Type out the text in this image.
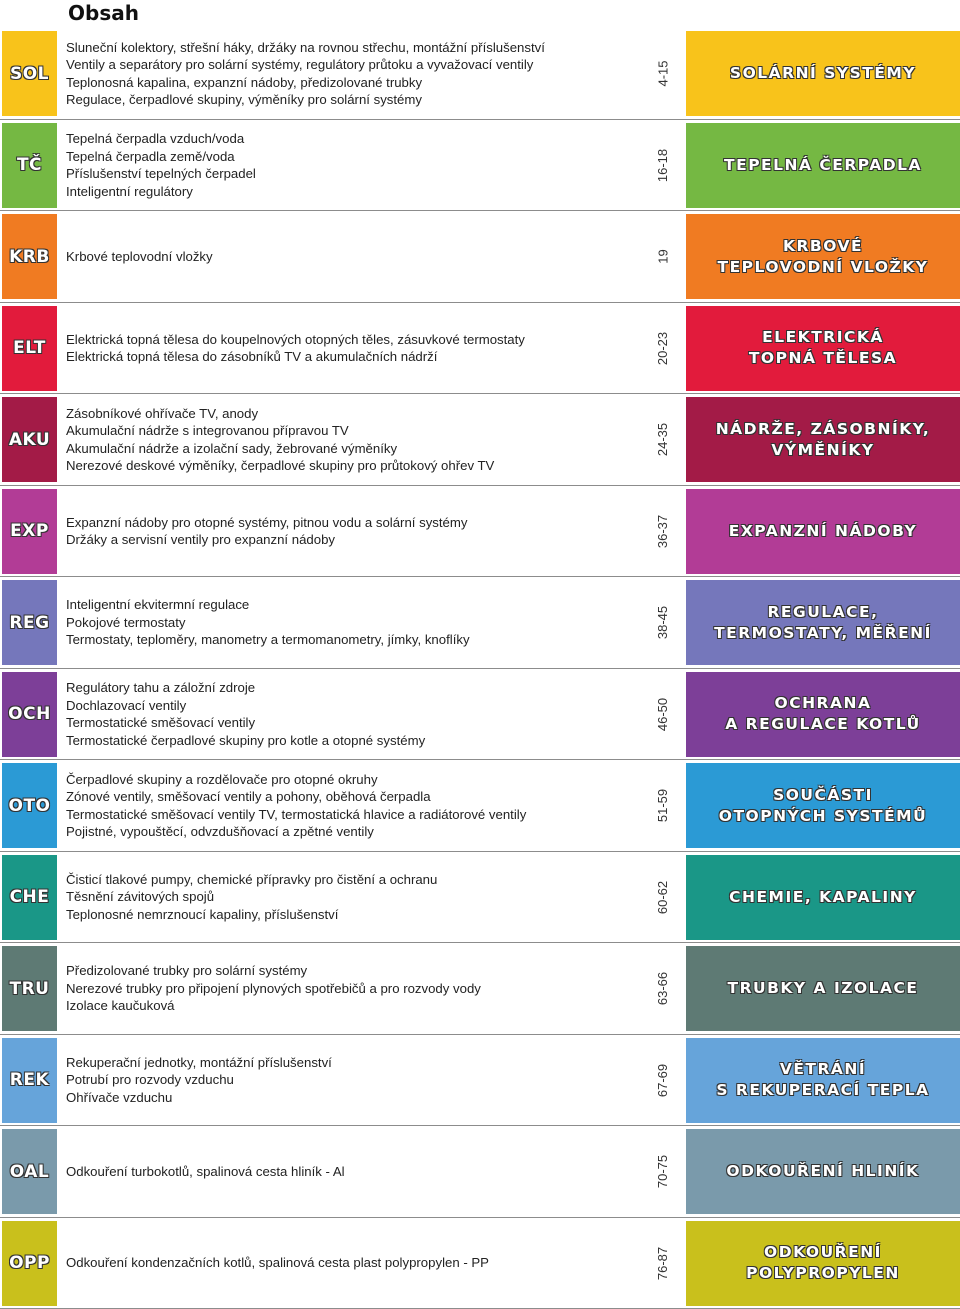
Obsah
SOL
Sluneční kolektory, střešní háky, držáky na rovnou střechu, montážní příslušenství
Ventily a separátory pro solární systémy, regulátory průtoku a vyvažovací ventily
Teplonosná kapalina, expanzní nádoby, předizolované trubky
Regulace, čerpadlové skupiny, výměníky pro solární systémy
4-15	SOLÁRNÍ SYSTÉMY
TČ
Tepelná čerpadla vzduch/voda
Tepelná čerpadla země/voda
Příslušenství tepelných čerpadel
Inteligentní regulátory
16-18	TEPELNÁ ČERPADLA
KRB	Krbové teplovodní vložky	19
KRBOVÉ
TEPLOVODNÍ VLOŽKY
ELT	Elektrická topná tělesa do koupelnových otopných těles, zásuvkové termostaty
Elektrická topná tělesa do zásobníků TV a akumulačních nádrží	20-23	ELEKTRICKÁ
TOPNÁ TĚLESA
AKU
Zásobníkové ohřívače TV, anody
Akumulační nádrže s integrovanou přípravou TV
Akumulační nádrže a izolační sady, žebrované výměníky
Nerezové deskové výměníky, čerpadlové skupiny pro průtokový ohřev TV
24-35	NÁDRŽE, ZÁSOBNÍKY,
VÝMĚNÍKY
EXP	Expanzní nádoby pro otopné systémy, pitnou vodu a solární systémy
Držáky a servisní ventily pro expanzní nádoby	36-37	EXPANZNÍ NÁDOBY
REG
Inteligentní ekvitermní regulace
Pokojové termostaty
Termostaty, teploměry, manometry a termomanometry, jímky, knoflíky
38-45	REGULACE,
TERMOSTATY, MĚŘENÍ
OCH
Regulátory tahu a záložní zdroje
Dochlazovací ventily
Termostatické směšovací ventily
Termostatické čerpadlové skupiny pro kotle a otopné systémy
46-50	OCHRANA
A REGULACE KOTLŮ
OTO
Čerpadlové skupiny a rozdělovače pro otopné okruhy
Zónové ventily, směšovací ventily a pohony, oběhová čerpadla
Termostatické směšovací ventily TV, termostatická hlavice a radiátorové ventily
Pojistné, vypouštěcí, odvzdušňovací a zpětné ventily
51-59	SOUČÁSTI
OTOPNÝCH SYSTÉMŮ
CHE
Čisticí tlakové pumpy, chemické přípravky pro čistění a ochranu
Těsnění závitových spojů
Teplonosné nemrznoucí kapaliny, příslušenství
60-62	CHEMIE, KAPALINY
TRU
Předizolované trubky pro solární systémy
Nerezové trubky pro připojení plynových spotřebičů a pro rozvody vody
Izolace kaučuková
63-66	TRUBKY A IZOLACE
REK
Rekuperační jednotky, montážní příslušenství
Potrubí pro rozvody vzduchu
Ohřívače vzduchu
67-69	VĚTRÁNÍ
S REKUPERACÍ TEPLA
OAL	Odkouření turbokotlů, spalinová cesta hliník - Al	70-75	ODKOUŘENÍ HLINÍK
OPP	Odkouření kondenzačních kotlů, spalinová cesta plast polypropylen - PP	76-87	ODKOUŘENÍ
POLYPROPYLEN
